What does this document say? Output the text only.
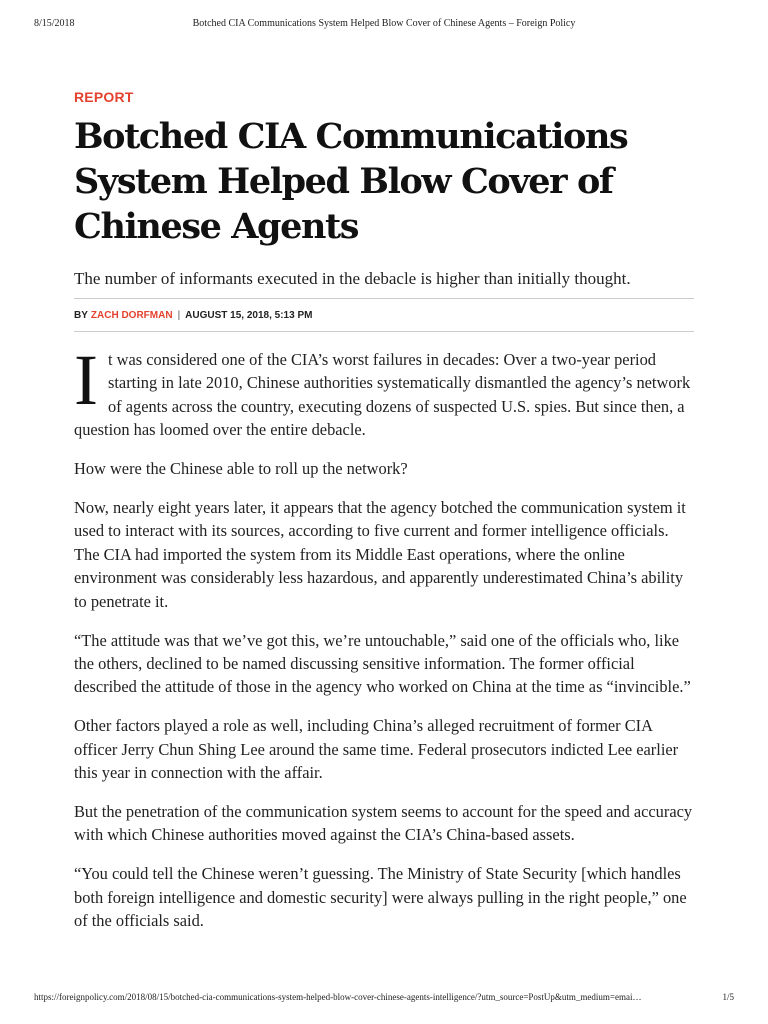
8/15/2018	Botched CIA Communications System Helped Blow Cover of Chinese Agents – Foreign Policy
REPORT
Botched CIA Communications System Helped Blow Cover of Chinese Agents
The number of informants executed in the debacle is higher than initially thought.
BY ZACH DORFMAN | AUGUST 15, 2018, 5:13 PM

It was considered one of the CIA’s worst failures in decades: Over a two-year period starting in late 2010, Chinese authorities systematically dismantled the agency’s network of agents across the country, executing dozens of suspected U.S. spies. But since then, a question has loomed over the entire debacle.

How were the Chinese able to roll up the network?

Now, nearly eight years later, it appears that the agency botched the communication system it used to interact with its sources, according to five current and former intelligence officials. The CIA had imported the system from its Middle East operations, where the online environment was considerably less hazardous, and apparently underestimated China’s ability to penetrate it.

“The attitude was that we’ve got this, we’re untouchable,” said one of the officials who, like the others, declined to be named discussing sensitive information. The former official described the attitude of those in the agency who worked on China at the time as “invincible.”

Other factors played a role as well, including China’s alleged recruitment of former CIA officer Jerry Chun Shing Lee around the same time. Federal prosecutors indicted Lee earlier this year in connection with the affair.

But the penetration of the communication system seems to account for the speed and accuracy with which Chinese authorities moved against the CIA’s China-based assets.

“You could tell the Chinese weren’t guessing. The Ministry of State Security [which handles both foreign intelligence and domestic security] were always pulling in the right people,” one of the officials said.

https://foreignpolicy.com/2018/08/15/botched-cia-communications-system-helped-blow-cover-chinese-agents-intelligence/?utm_source=PostUp&utm_medium=emai…	1/5
